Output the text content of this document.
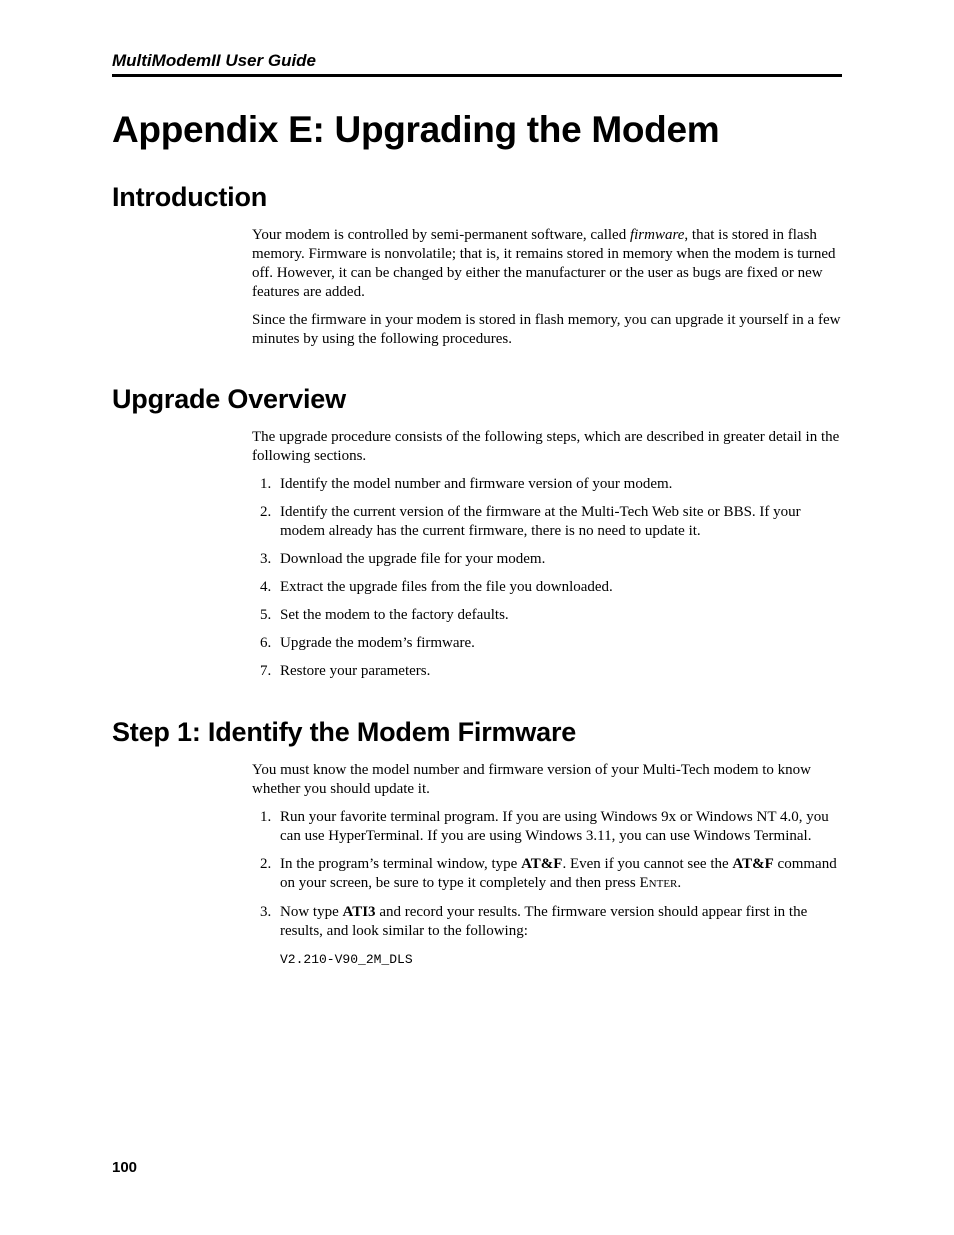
MultiModemII User Guide
Appendix E: Upgrading the Modem
Introduction

Your modem is controlled by semi-permanent software, called firmware, that is stored in flash memory. Firmware is nonvolatile; that is, it remains stored in memory when the modem is turned off. However, it can be changed by either the manufacturer or the user as bugs are fixed or new features are added.

Since the firmware in your modem is stored in flash memory, you can upgrade it yourself in a few minutes by using the following procedures.

Upgrade Overview

The upgrade procedure consists of the following steps, which are described in greater detail in the following sections.

1. Identify the model number and firmware version of your modem.
2. Identify the current version of the firmware at the Multi-Tech Web site or BBS. If your modem already has the current firmware, there is no need to update it.
3. Download the upgrade file for your modem.
4. Extract the upgrade files from the file you downloaded.
5. Set the modem to the factory defaults.
6. Upgrade the modem’s firmware.
7. Restore your parameters.
Step 1: Identify the Modem Firmware

You must know the model number and firmware version of your Multi-Tech modem to know whether you should update it.

1. Run your favorite terminal program. If you are using Windows 9x or Windows NT 4.0, you can use HyperTerminal. If you are using Windows 3.11, you can use Windows Terminal.
2. In the program’s terminal window, type AT&F. Even if you cannot see the AT&F command on your screen, be sure to type it completely and then press ENTER.
3. Now type ATI3 and record your results. The firmware version should appear first in the results, and look similar to the following:
V2.210-V90_2M_DLS
100
